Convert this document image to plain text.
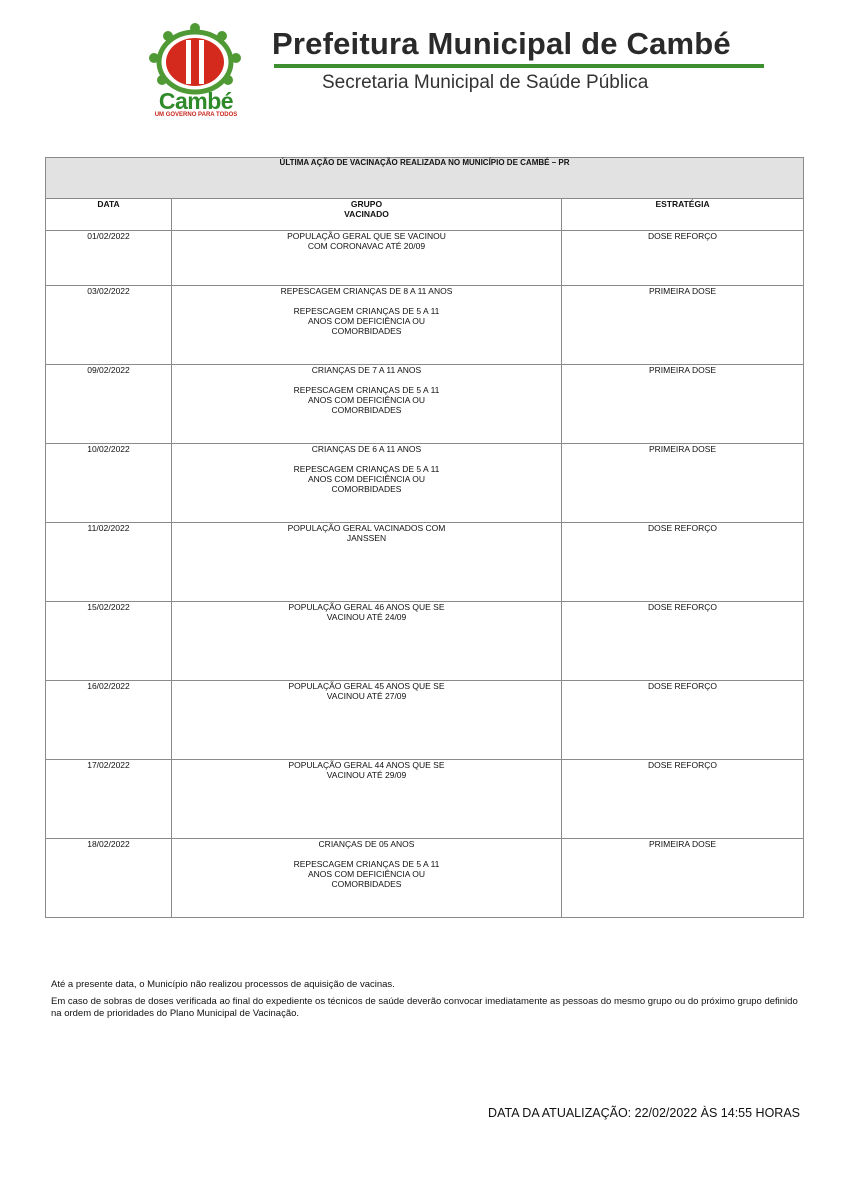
Cambé
UM GOVERNO PARA TODOS
Prefeitura Municipal de Cambé
Secretaria Municipal de Saúde Pública
ÚLTIMA AÇÃO DE VACINAÇÃO REALIZADA NO MUNICÍPIO DE CAMBÉ – PR		
DATA	GRUPO
VACINADO	ESTRATÉGIA
01/02/2022	POPULAÇÃO GERAL QUE SE VACINOU
COM CORONAVAC ATÉ 20/09	DOSE REFORÇO
03/02/2022	REPESCAGEM CRIANÇAS DE 8 A 11 ANOS
REPESCAGEM CRIANÇAS DE 5 A 11
ANOS COM DEFICIÊNCIA OU
COMORBIDADES	PRIMEIRA DOSE
09/02/2022	CRIANÇAS DE 7 A 11 ANOS
REPESCAGEM CRIANÇAS DE 5 A 11
ANOS COM DEFICIÊNCIA OU
COMORBIDADES	PRIMEIRA DOSE
10/02/2022	CRIANÇAS DE 6 A 11 ANOS
REPESCAGEM CRIANÇAS DE 5 A 11
ANOS COM DEFICIÊNCIA OU
COMORBIDADES	PRIMEIRA DOSE
11/02/2022	POPULAÇÃO GERAL VACINADOS COM
JANSSEN	DOSE REFORÇO
15/02/2022	POPULAÇÃO GERAL 46 ANOS QUE SE
VACINOU ATÉ 24/09	DOSE REFORÇO
16/02/2022	POPULAÇÃO GERAL 45 ANOS QUE SE
VACINOU ATÉ 27/09	DOSE REFORÇO
17/02/2022	POPULAÇÃO GERAL 44 ANOS QUE SE
VACINOU ATÉ 29/09	DOSE REFORÇO
18/02/2022	CRIANÇAS DE 05 ANOS
REPESCAGEM CRIANÇAS DE 5 A 11
ANOS COM DEFICIÊNCIA OU
COMORBIDADES	PRIMEIRA DOSE
Até a presente data, o Município não realizou processos de aquisição de vacinas.
Em caso de sobras de doses verificada ao final do expediente os técnicos de saúde deverão convocar imediatamente as pessoas do mesmo grupo ou do próximo grupo definido na ordem de prioridades do Plano Municipal de Vacinação.
DATA DA ATUALIZAÇÃO: 22/02/2022 ÀS 14:55 HORAS
